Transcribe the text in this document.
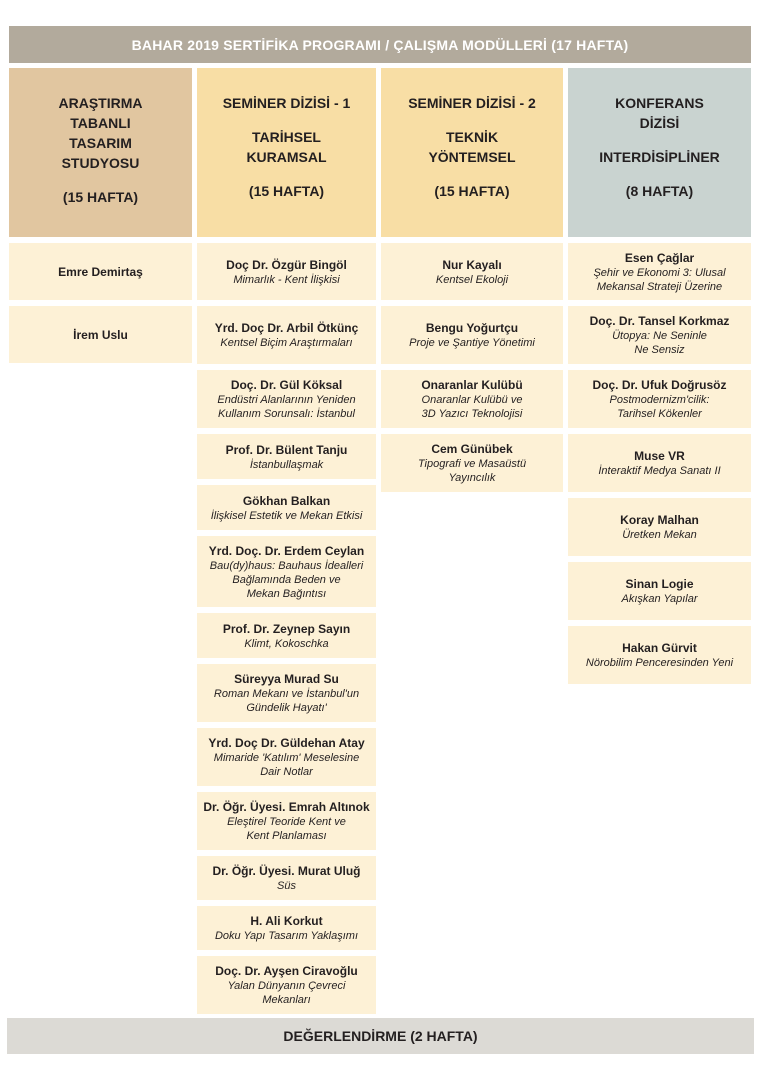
BAHAR 2019 SERTİFİKA PROGRAMI / ÇALIŞMA MODÜLLERİ (17 HAFTA)
ARAŞTIRMA
TABANLI
TASARIM
STUDYOSU
(15 HAFTA)
Emre Demirtaş
İrem Uslu
SEMİNER DİZİSİ - 1
TARİHSEL
KURAMSAL
(15 HAFTA)
Doç Dr. Özgür Bingöl
Mimarlık - Kent İlişkisi
Yrd. Doç Dr. Arbil Ötkünç
Kentsel Biçim Araştırmaları
Doç. Dr. Gül Köksal
Endüstri Alanlarının Yeniden
Kullanım Sorunsalı: İstanbul
Prof. Dr. Bülent Tanju
İstanbullaşmak
Gökhan Balkan
İlişkisel Estetik ve Mekan Etkisi
Yrd. Doç. Dr. Erdem Ceylan
Bau(dy)haus: Bauhaus İdealleri
Bağlamında Beden ve
Mekan Bağıntısı
Prof. Dr. Zeynep Sayın
Klimt, Kokoschka
Süreyya Murad Su
Roman Mekanı ve İstanbul'un
Gündelik Hayatı'
Yrd. Doç Dr. Güldehan Atay
Mimaride 'Katılım' Meselesine
Dair Notlar
Dr. Öğr. Üyesi. Emrah Altınok
Eleştirel Teoride Kent ve
Kent Planlaması
Dr. Öğr. Üyesi. Murat Uluğ
Süs
H. Ali Korkut
Doku Yapı Tasarım Yaklaşımı
Doç. Dr. Ayşen Ciravoğlu
Yalan Dünyanın Çevreci
Mekanları
SEMİNER DİZİSİ - 2
TEKNİK
YÖNTEMSEL
(15 HAFTA)
Nur Kayalı
Kentsel Ekoloji
Bengu Yoğurtçu
Proje ve Şantiye Yönetimi
Onaranlar Kulübü
Onaranlar Kulübü ve
3D Yazıcı Teknolojisi
Cem Günübek
Tipografi ve Masaüstü
Yayıncılık
KONFERANS
DİZİSİ
INTERDİSİPLİNER
(8 HAFTA)
Esen Çağlar
Şehir ve Ekonomi 3: Ulusal
Mekansal Strateji Üzerine
Doç. Dr. Tansel Korkmaz
Ütopya: Ne Seninle
Ne Sensiz
Doç. Dr. Ufuk Doğrusöz
Postmodernizm'cilik:
Tarihsel Kökenler
Muse VR
İnteraktif Medya Sanatı II
Koray Malhan
Üretken Mekan
Sinan Logie
Akışkan Yapılar
Hakan Gürvit
Nörobilim Penceresinden Yeni
DEĞERLENDİRME (2 HAFTA)
